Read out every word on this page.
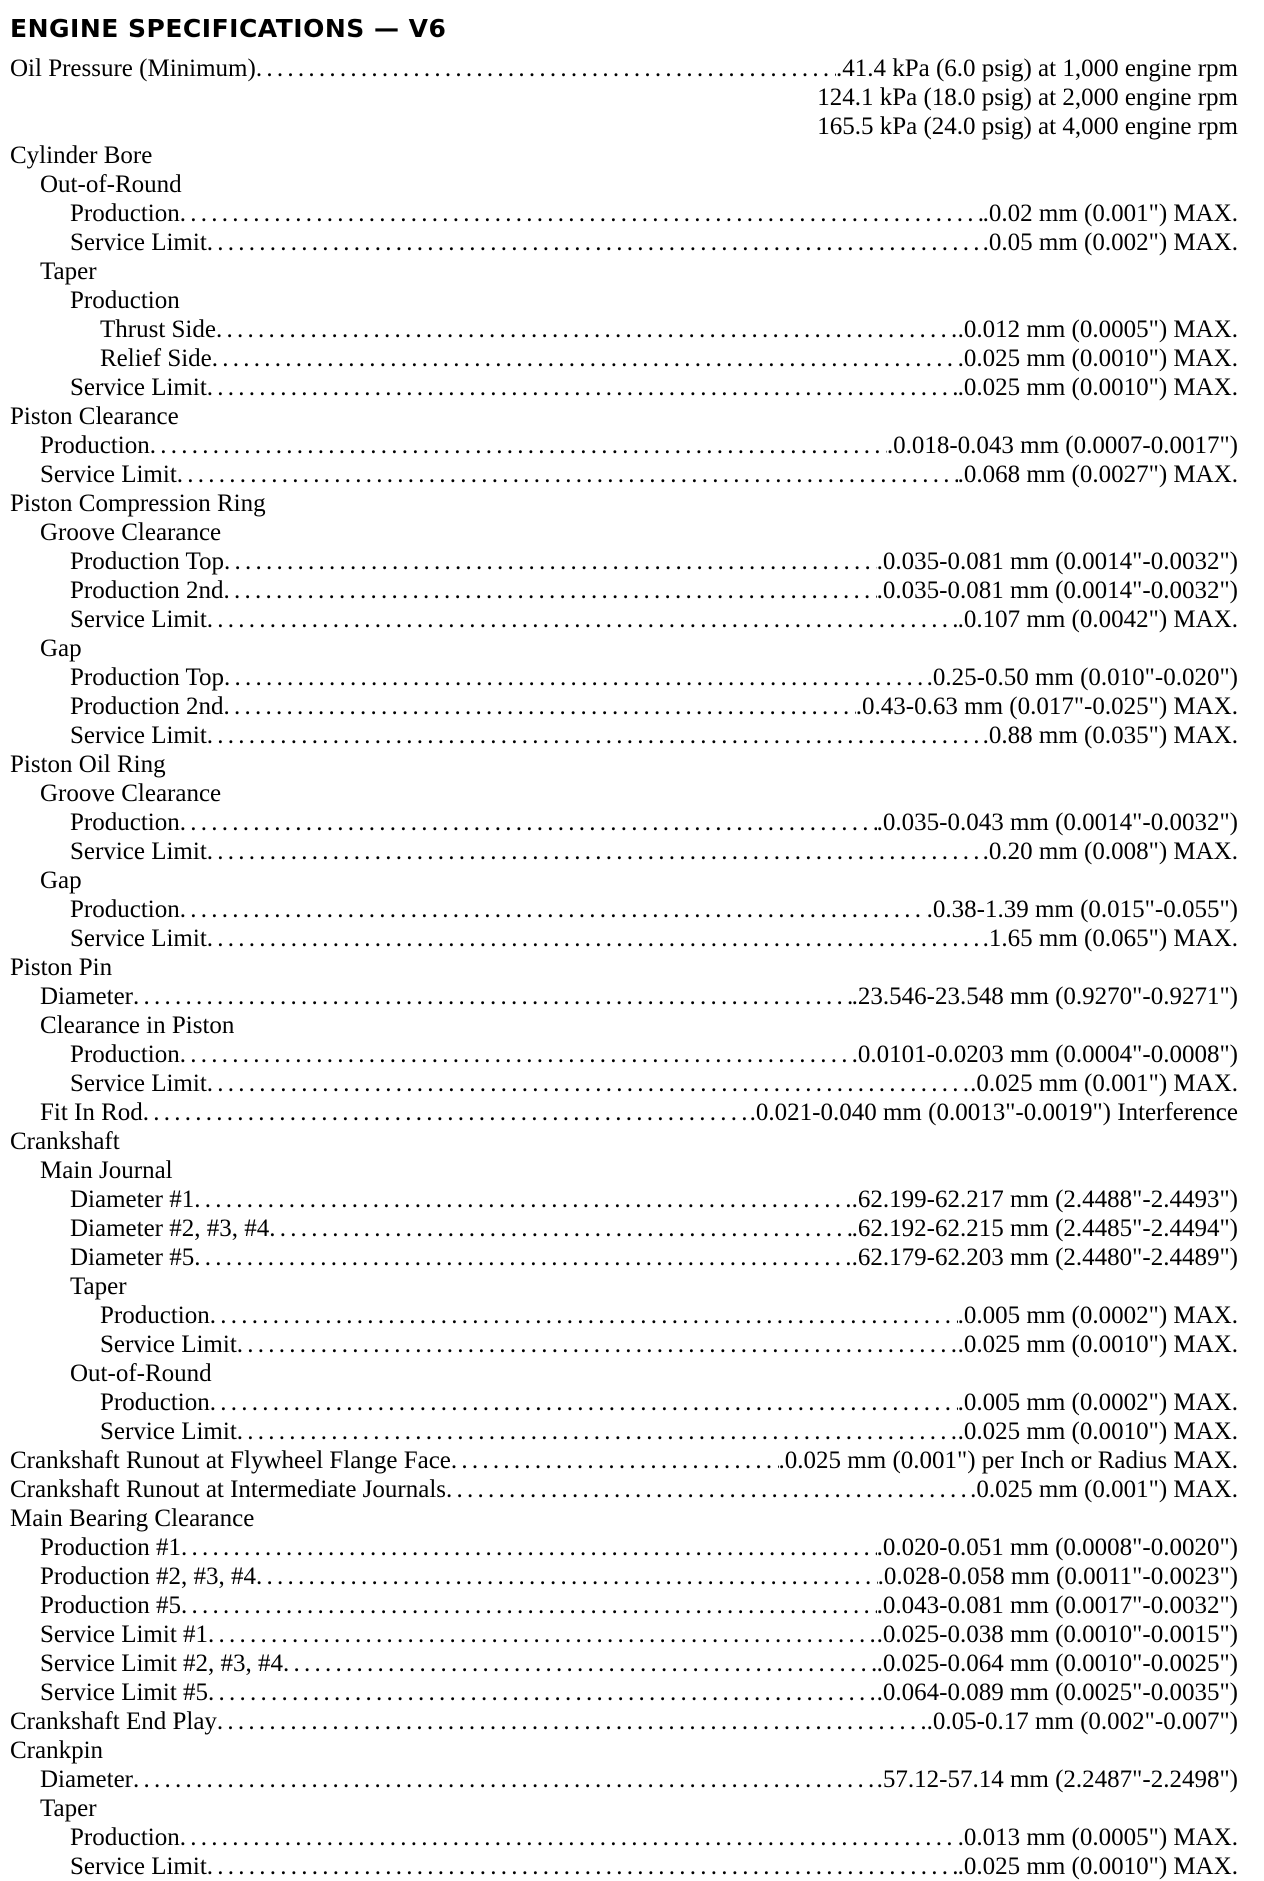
ENGINE SPECIFICATIONS — V6
Oil Pressure (Minimum) . . .	.41.4 kPa (6.0 psig) at 1,000 engine rpm
124.1 kPa (18.0 psig) at 2,000 engine rpm
165.5 kPa (24.0 psig) at 4,000 engine rpm
Cylinder Bore
Out-of-Round
Production . . .	.0.02 mm (0.001") MAX.
Service Limit . . .	.0.05 mm (0.002") MAX.
Taper
Production
Thrust Side . . .	.0.012 mm (0.0005") MAX.
Relief Side . . .	.0.025 mm (0.0010") MAX.
Service Limit . . .	.0.025 mm (0.0010") MAX.
Piston Clearance
Production . . .	.0.018-0.043 mm (0.0007-0.0017")
Service Limit . . .	.0.068 mm (0.0027") MAX.
Piston Compression Ring
Groove Clearance
Production Top . . .	.0.035-0.081 mm (0.0014"-0.0032")
Production 2nd . . .	.0.035-0.081 mm (0.0014"-0.0032")
Service Limit . . .	.0.107 mm (0.0042") MAX.
Gap
Production Top . . .	.0.25-0.50 mm (0.010"-0.020")
Production 2nd . . .	.0.43-0.63 mm (0.017"-0.025") MAX.
Service Limit . . .	.0.88 mm (0.035") MAX.
Piston Oil Ring
Groove Clearance
Production . . .	.0.035-0.043 mm (0.0014"-0.0032")
Service Limit . . .	.0.20 mm (0.008") MAX.
Gap
Production . . .	.0.38-1.39 mm (0.015"-0.055")
Service Limit . . .	.1.65 mm (0.065") MAX.
Piston Pin
Diameter . . .	.23.546-23.548 mm (0.9270"-0.9271")
Clearance in Piston
Production . . .	.0.0101-0.0203 mm (0.0004"-0.0008")
Service Limit . . .	.0.025 mm (0.001") MAX.
Fit In Rod . . .	.0.021-0.040 mm (0.0013"-0.0019") Interference
Crankshaft
Main Journal
Diameter #1 . . .	.62.199-62.217 mm (2.4488"-2.4493")
Diameter #2, #3, #4 . . .	.62.192-62.215 mm (2.4485"-2.4494")
Diameter #5 . . .	.62.179-62.203 mm (2.4480"-2.4489")
Taper
Production . . .	.0.005 mm (0.0002") MAX.
Service Limit . . .	.0.025 mm (0.0010") MAX.
Out-of-Round
Production . . .	.0.005 mm (0.0002") MAX.
Service Limit . . .	.0.025 mm (0.0010") MAX.
Crankshaft Runout at Flywheel Flange Face . . .	.0.025 mm (0.001") per Inch or Radius MAX.
Crankshaft Runout at Intermediate Journals . . .	.0.025 mm (0.001") MAX.
Main Bearing Clearance
Production #1 . . .	.0.020-0.051 mm (0.0008"-0.0020")
Production #2, #3, #4 . . .	.0.028-0.058 mm (0.0011"-0.0023")
Production #5 . . .	.0.043-0.081 mm (0.0017"-0.0032")
Service Limit #1 . . .	.0.025-0.038 mm (0.0010"-0.0015")
Service Limit #2, #3, #4 . . .	.0.025-0.064 mm (0.0010"-0.0025")
Service Limit #5 . . .	.0.064-0.089 mm (0.0025"-0.0035")
Crankshaft End Play . . .	.0.05-0.17 mm (0.002"-0.007")
Crankpin
Diameter . . .	.57.12-57.14 mm (2.2487"-2.2498")
Taper
Production . . .	.0.013 mm (0.0005") MAX.
Service Limit . . .	.0.025 mm (0.0010") MAX.
